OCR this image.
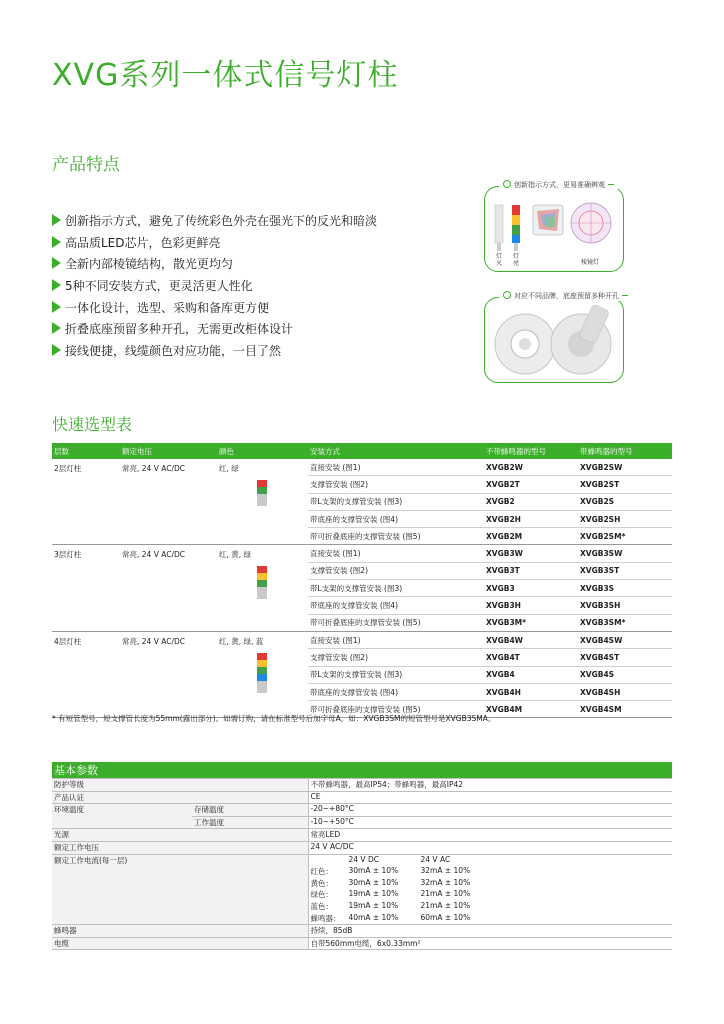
XVG系列一体式信号灯柱
产品特点
创新指示方式，避免了传统彩色外壳在强光下的反光和暗淡
高品质LED芯片，色彩更鲜亮
全新内部棱镜结构，散光更均匀
5种不同安装方式，更灵活更人性化
一体化设计，选型、采购和备库更方便
折叠底座预留多种开孔，无需更改柜体设计
接线便捷，线缆颜色对应功能，一目了然
创新指示方式，更易准确辨观
灯
灭
灯
亮	棱镜灯
对应不同品牌，底座预留多种开孔
快速选型表
层数	额定电压	颜色	安装方式	不带蜂鸣器的型号	带蜂鸣器的型号
2层灯柱	常亮, 24 V AC/DC	红, 绿	直接安装 (图1)	XVGB2W	XVGB2SW
			支撑管安装 (图2)	XVGB2T	XVGB2ST
			带L支架的支撑管安装 (图3)	XVGB2	XVGB2S
			带底座的支撑管安装 (图4)	XVGB2H	XVGB2SH
			带可折叠底座的支撑管安装 (图5)	XVGB2M	XVGB2SM*
3层灯柱	常亮, 24 V AC/DC	红, 黄, 绿	直接安装 (图1)	XVGB3W	XVGB3SW
			支撑管安装 (图2)	XVGB3T	XVGB3ST
			带L支架的支撑管安装 (图3)	XVGB3	XVGB3S
			带底座的支撑管安装 (图4)	XVGB3H	XVGB3SH
			带可折叠底座的支撑管安装 (图5)	XVGB3M*	XVGB3SM*
4层灯柱	常亮, 24 V AC/DC	红, 黄, 绿, 蓝	直接安装 (图1)	XVGB4W	XVGB4SW
			支撑管安装 (图2)	XVGB4T	XVGB4ST
			带L支架的支撑管安装 (图3)	XVGB4	XVGB4S
			带底座的支撑管安装 (图4)	XVGB4H	XVGB4SH
			带可折叠底座的支撑管安装 (图5)	XVGB4M	XVGB4SM
* 有短管型号，短支撑管长度为55mm(露出部分)。如需订购，请在标准型号后加字母A。如：XVGB3SM的短管型号是XVGB3SMA。
基本参数
防护等级	不带蜂鸣器，最高IP54；带蜂鸣器，最高IP42
产品认证	CE
环境温度	存储温度	-20~+80°C
工作温度	-10~+50°C
光源	常亮LED
额定工作电压	24 V AC/DC
额定工作电流(每一层)	
		24 V DC	24 V AC
红色：	30mA ± 10%	32mA ± 10%
黄色：	30mA ± 10%	32mA ± 10%
绿色：	19mA ± 10%	21mA ± 10%
蓝色：	19mA ± 10%	21mA ± 10%
蜂鸣器：	40mA ± 10%	60mA ± 10%

蜂鸣器	持续，85dB
电缆	自带560mm电缆，6x0.33mm²
